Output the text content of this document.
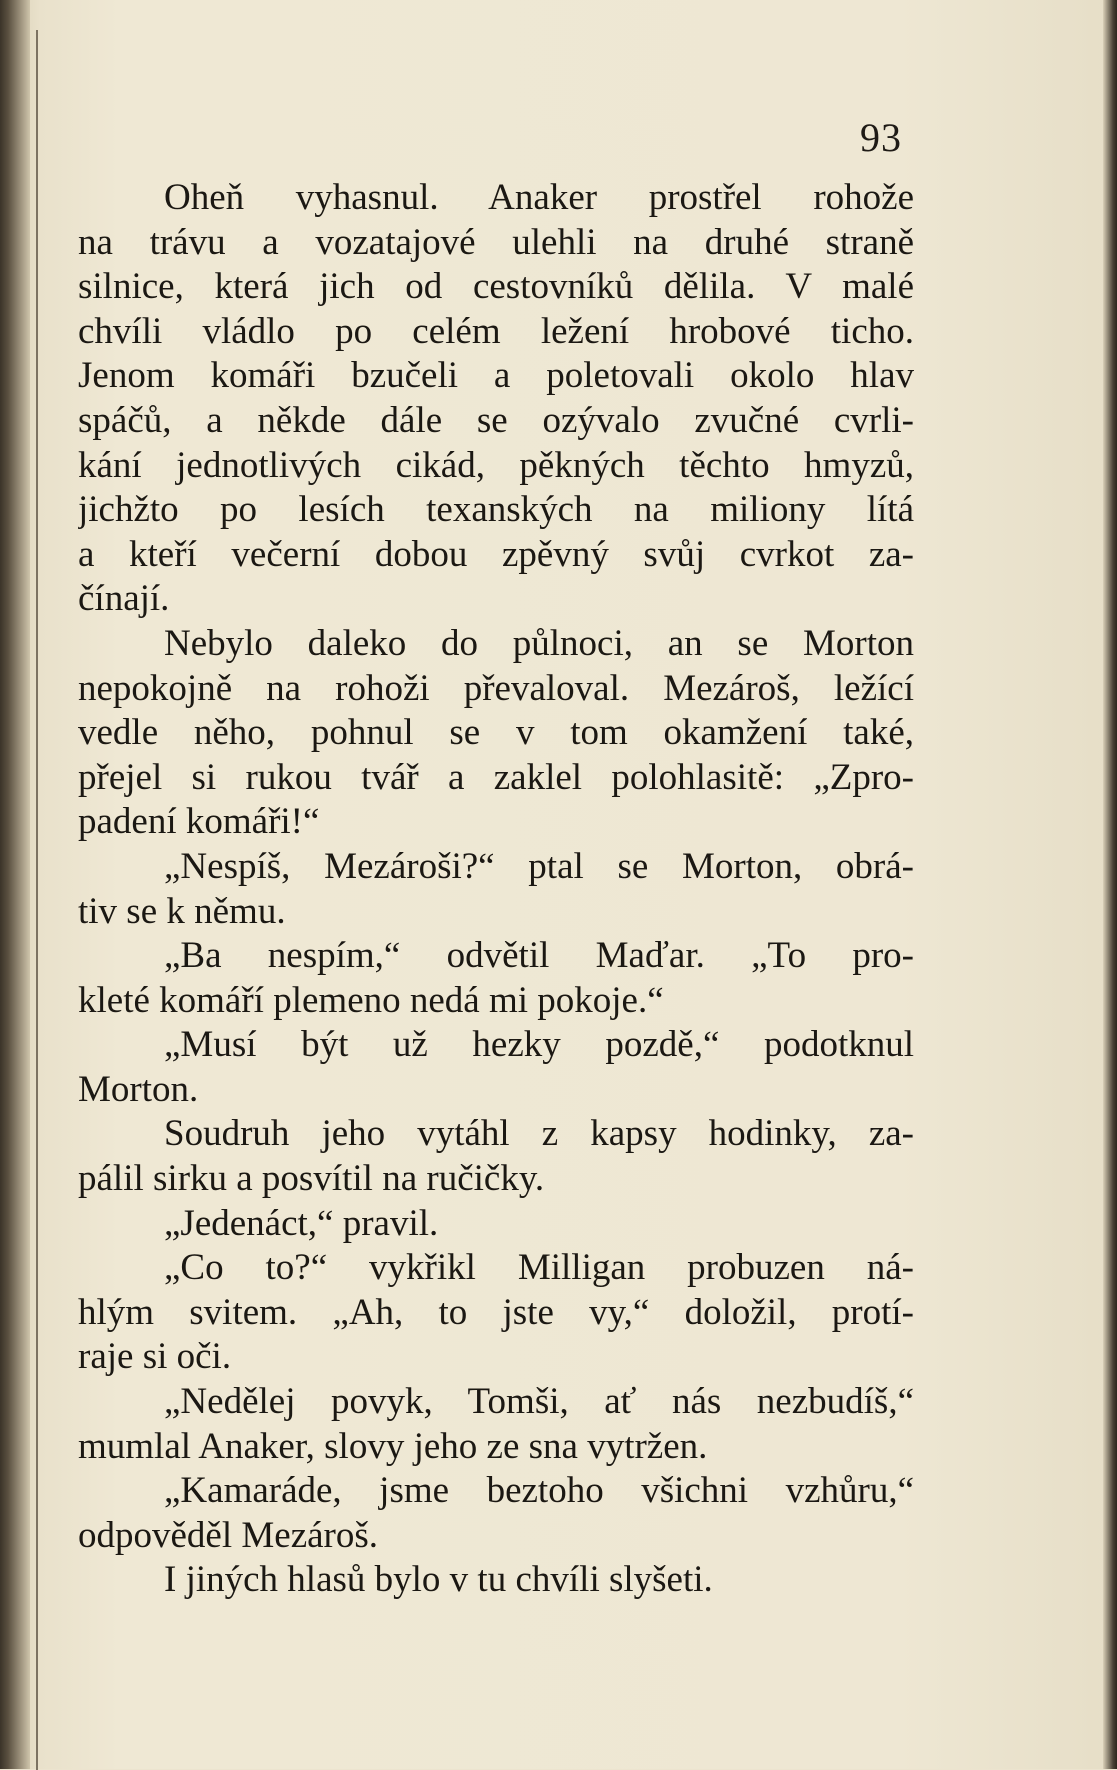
93
Oheň vyhasnul. Anaker prostřel rohože
na trávu a vozatajové ulehli na druhé straně
silnice, která jich od cestovníků dělila. V malé
chvíli vládlo po celém ležení hrobové ticho.
Jenom komáři bzučeli a poletovali okolo hlav
spáčů, a někde dále se ozývalo zvučné cvrli-
kání jednotlivých cikád, pěkných těchto hmyzů,
jichžto po lesích texanských na miliony lítá
a kteří večerní dobou zpěvný svůj cvrkot za-
čínají.
Nebylo daleko do půlnoci, an se Morton
nepokojně na rohoži převaloval. Mezároš, ležící
vedle něho, pohnul se v tom okamžení také,
přejel si rukou tvář a zaklel polohlasitě: „Zpro-
padení komáři!“
„Nespíš, Mezároši?“ ptal se Morton, obrá-
tiv se k němu.
„Ba nespím,“ odvětil Maďar. „To pro-
kleté komáří plemeno nedá mi pokoje.“
„Musí být už hezky pozdě,“ podotknul
Morton.
Soudruh jeho vytáhl z kapsy hodinky, za-
pálil sirku a posvítil na ručičky.
„Jedenáct,“ pravil.
„Co to?“ vykřikl Milligan probuzen ná-
hlým svitem. „Ah, to jste vy,“ doložil, protí-
raje si oči.
„Nedělej povyk, Tomši, ať nás nezbudíš,“
mumlal Anaker, slovy jeho ze sna vytržen.
„Kamaráde, jsme beztoho všichni vzhůru,“
odpověděl Mezároš.
I jiných hlasů bylo v tu chvíli slyšeti.
